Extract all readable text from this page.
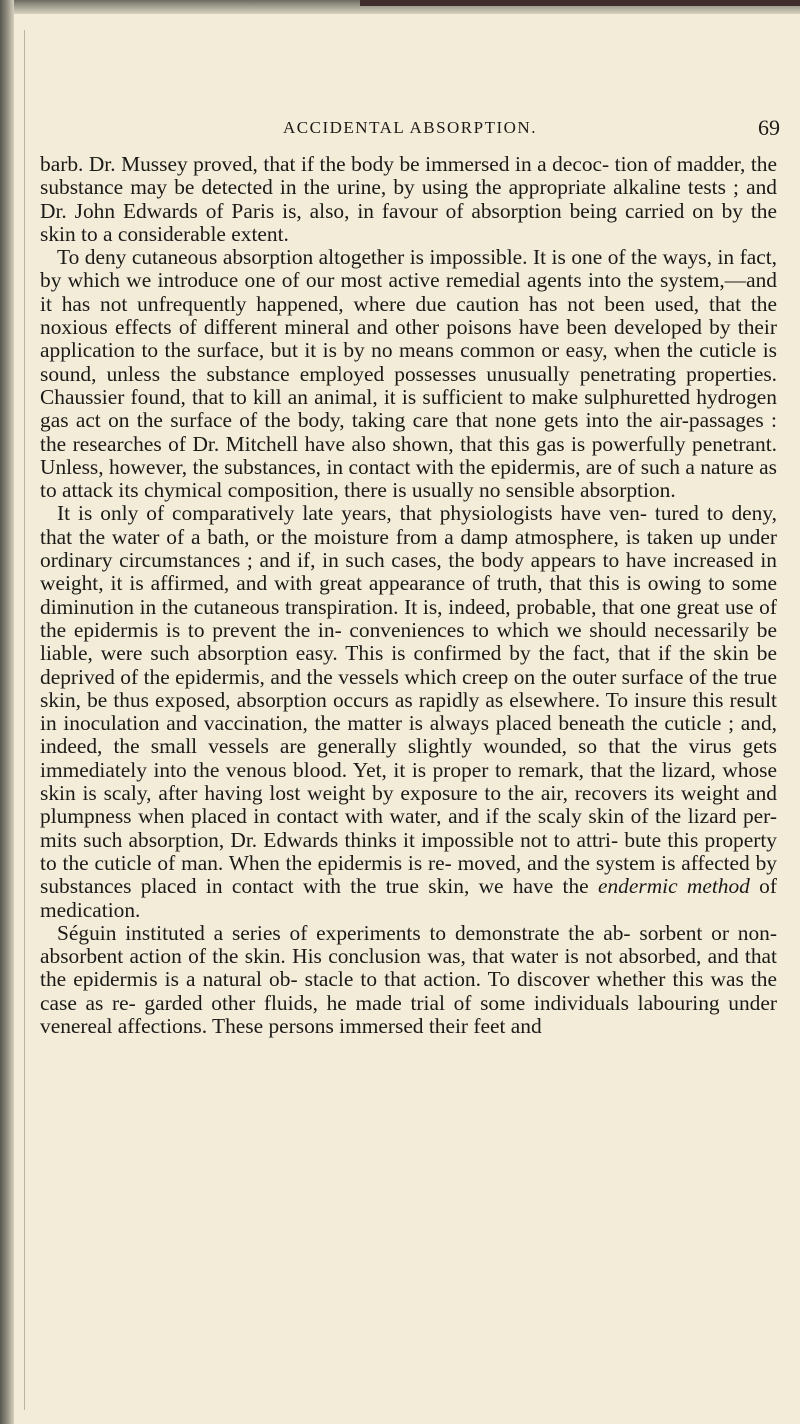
ACCIDENTAL ABSORPTION.	69

barb. Dr. Mussey proved, that if the body be immersed in a decoc- tion of madder, the substance may be detected in the urine, by using the appropriate alkaline tests ; and Dr. John Edwards of Paris is, also, in favour of absorption being carried on by the skin to a considerable extent.

To deny cutaneous absorption altogether is impossible. It is one of the ways, in fact, by which we introduce one of our most active remedial agents into the system,—and it has not unfrequently happened, where due caution has not been used, that the noxious effects of different mineral and other poisons have been developed by their application to the surface, but it is by no means common or easy, when the cuticle is sound, unless the substance employed possesses unusually penetrating properties. Chaussier found, that to kill an animal, it is sufficient to make sulphuretted hydrogen gas act on the surface of the body, taking care that none gets into the air-passages : the researches of Dr. Mitchell have also shown, that this gas is powerfully penetrant. Unless, however, the substances, in contact with the epidermis, are of such a nature as to attack its chymical composition, there is usually no sensible absorption.

It is only of comparatively late years, that physiologists have ven- tured to deny, that the water of a bath, or the moisture from a damp atmosphere, is taken up under ordinary circumstances ; and if, in such cases, the body appears to have increased in weight, it is affirmed, and with great appearance of truth, that this is owing to some diminution in the cutaneous transpiration. It is, indeed, probable, that one great use of the epidermis is to prevent the in- conveniences to which we should necessarily be liable, were such absorption easy. This is confirmed by the fact, that if the skin be deprived of the epidermis, and the vessels which creep on the outer surface of the true skin, be thus exposed, absorption occurs as rapidly as elsewhere. To insure this result in inoculation and vaccination, the matter is always placed beneath the cuticle ; and, indeed, the small vessels are generally slightly wounded, so that the virus gets immediately into the venous blood. Yet, it is proper to remark, that the lizard, whose skin is scaly, after having lost weight by exposure to the air, recovers its weight and plumpness when placed in contact with water, and if the scaly skin of the lizard per- mits such absorption, Dr. Edwards thinks it impossible not to attri- bute this property to the cuticle of man. When the epidermis is re- moved, and the system is affected by substances placed in contact with the true skin, we have the endermic method of medication.

Séguin instituted a series of experiments to demonstrate the ab- sorbent or non-absorbent action of the skin. His conclusion was, that water is not absorbed, and that the epidermis is a natural ob- stacle to that action. To discover whether this was the case as re- garded other fluids, he made trial of some individuals labouring under venereal affections. These persons immersed their feet and
